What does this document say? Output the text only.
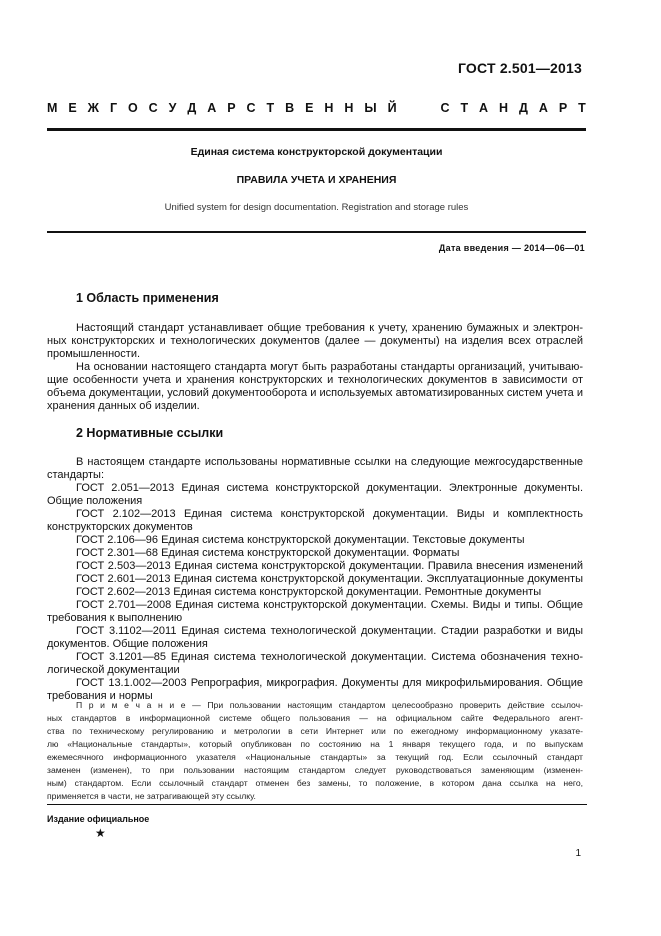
ГОСТ 2.501—2013
М Е Ж Г О С У Д А Р С Т В Е Н Н Ы Й	С Т А Н Д А Р Т
Единая система конструкторской документации
ПРАВИЛА УЧЕТА И ХРАНЕНИЯ
Unified system for design documentation. Registration and storage rules
Дата введения — 2014—06—01
1 Область применения
Настоящий стандарт устанавливает общие требования к учету, хранению бумажных и электрон-
ных конструкторских и технологических документов (далее — документы) на изделия всех отраслей
промышленности.
На основании настоящего стандарта могут быть разработаны стандарты организаций, учитываю-
щие особенности учета и хранения конструкторских и технологических документов в зависимости от
объема документации, условий документооборота и используемых автоматизированных систем учета и
хранения данных об изделии.
2 Нормативные ссылки
В настоящем стандарте использованы нормативные ссылки на следующие межгосударственные
стандарты:
ГОСТ 2.051—2013 Единая система конструкторской документации. Электронные документы.
Общие положения
ГОСТ 2.102—2013 Единая система конструкторской документации. Виды и комплектность
конструкторских документов
ГОСТ 2.106—96 Единая система конструкторской документации. Текстовые документы
ГОСТ 2.301—68 Единая система конструкторской документации. Форматы
ГОСТ 2.503—2013 Единая система конструкторской документации. Правила внесения изменений
ГОСТ 2.601—2013 Единая система конструкторской документации. Эксплуатационные документы
ГОСТ 2.602—2013 Единая система конструкторской документации. Ремонтные документы
ГОСТ 2.701—2008 Единая система конструкторской документации. Схемы. Виды и типы. Общие
требования к выполнению
ГОСТ 3.1102—2011 Единая система технологической документации. Стадии разработки и виды
документов. Общие положения
ГОСТ 3.1201—85 Единая система технологической документации. Система обозначения техно-
логической документации
ГОСТ 13.1.002—2003 Репрография, микрография. Документы для микрофильмирования. Общие
требования и нормы
П р и м е ч а н и е — При пользовании настоящим стандартом целесообразно проверить действие ссылоч-
ных стандартов в информационной системе общего пользования — на официальном сайте Федерального агент-
ства по техническому регулированию и метрологии в сети Интернет или по ежегодному информационному указате-
лю «Национальные стандарты», который опубликован по состоянию на 1 января текущего года, и по выпускам
ежемесячного информационного указателя «Национальные стандарты» за текущий год. Если ссылочный стандарт
заменен (изменен), то при пользовании настоящим стандартом следует руководствоваться заменяющим (изменен-
ным) стандартом. Если ссылочный стандарт отменен без замены, то положение, в котором дана ссылка на него,
применяется в части, не затрагивающей эту ссылку.
Издание официальное
★
1
